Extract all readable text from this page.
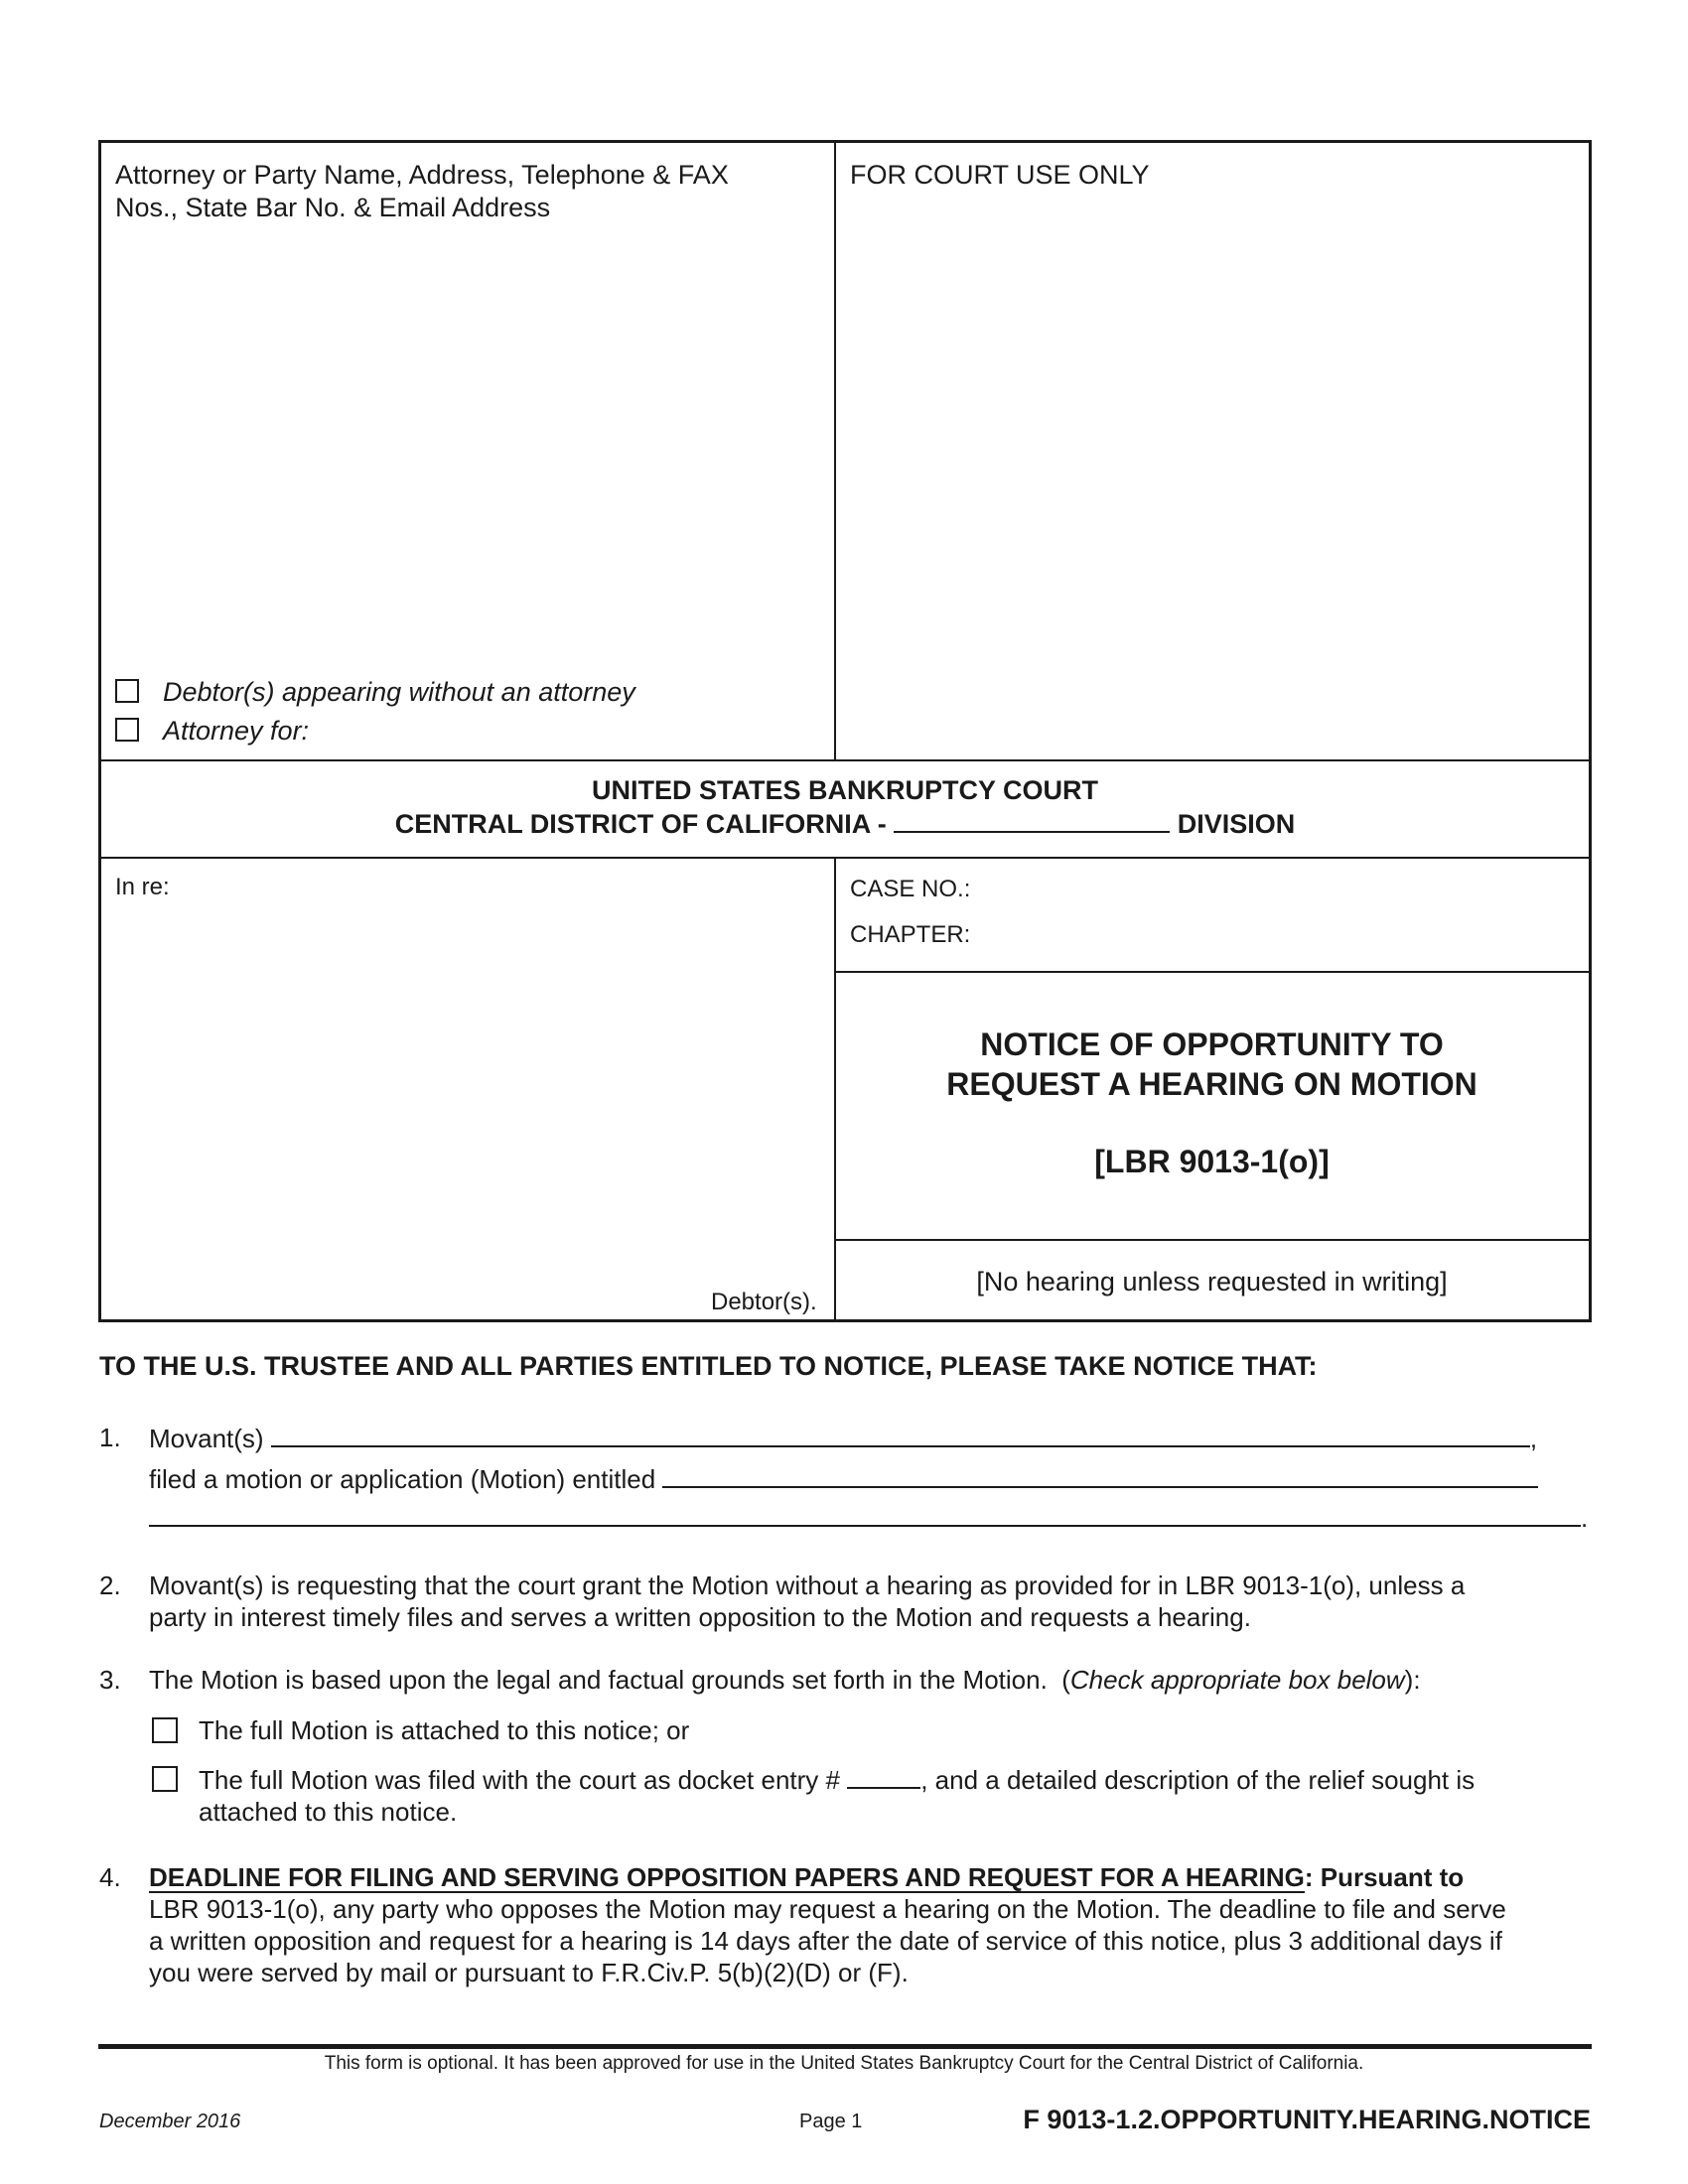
Attorney or Party Name, Address, Telephone & FAX
Nos., State Bar No. & Email Address
Debtor(s) appearing without an attorney
Attorney for:
FOR COURT USE ONLY
UNITED STATES BANKRUPTCY COURT
CENTRAL DISTRICT OF CALIFORNIA -	DIVISION
In re:
Debtor(s).
CASE NO.:
CHAPTER:
NOTICE OF OPPORTUNITY TO
REQUEST A HEARING ON MOTION
[LBR 9013-1(o)]
[No hearing unless requested in writing]
TO THE U.S. TRUSTEE AND ALL PARTIES ENTITLED TO NOTICE, PLEASE TAKE NOTICE THAT:
1. Movant(s)	,
filed a motion or application (Motion) entitled
.
2. Movant(s) is requesting that the court grant the Motion without a hearing as provided for in LBR 9013-1(o), unless a
party in interest timely files and serves a written opposition to the Motion and requests a hearing.
3. The Motion is based upon the legal and factual grounds set forth in the Motion.  (Check appropriate box below):
The full Motion is attached to this notice; or
The full Motion was filed with the court as docket entry #	, and a detailed description of the relief sought is
attached to this notice.
4. DEADLINE FOR FILING AND SERVING OPPOSITION PAPERS AND REQUEST FOR A HEARING: Pursuant to
LBR 9013-1(o), any party who opposes the Motion may request a hearing on the Motion. The deadline to file and serve
a written opposition and request for a hearing is 14 days after the date of service of this notice, plus 3 additional days if
you were served by mail or pursuant to F.R.Civ.P. 5(b)(2)(D) or (F).
This form is optional. It has been approved for use in the United States Bankruptcy Court for the Central District of California.
December 2016	Page 1	F 9013-1.2.OPPORTUNITY.HEARING.NOTICE
